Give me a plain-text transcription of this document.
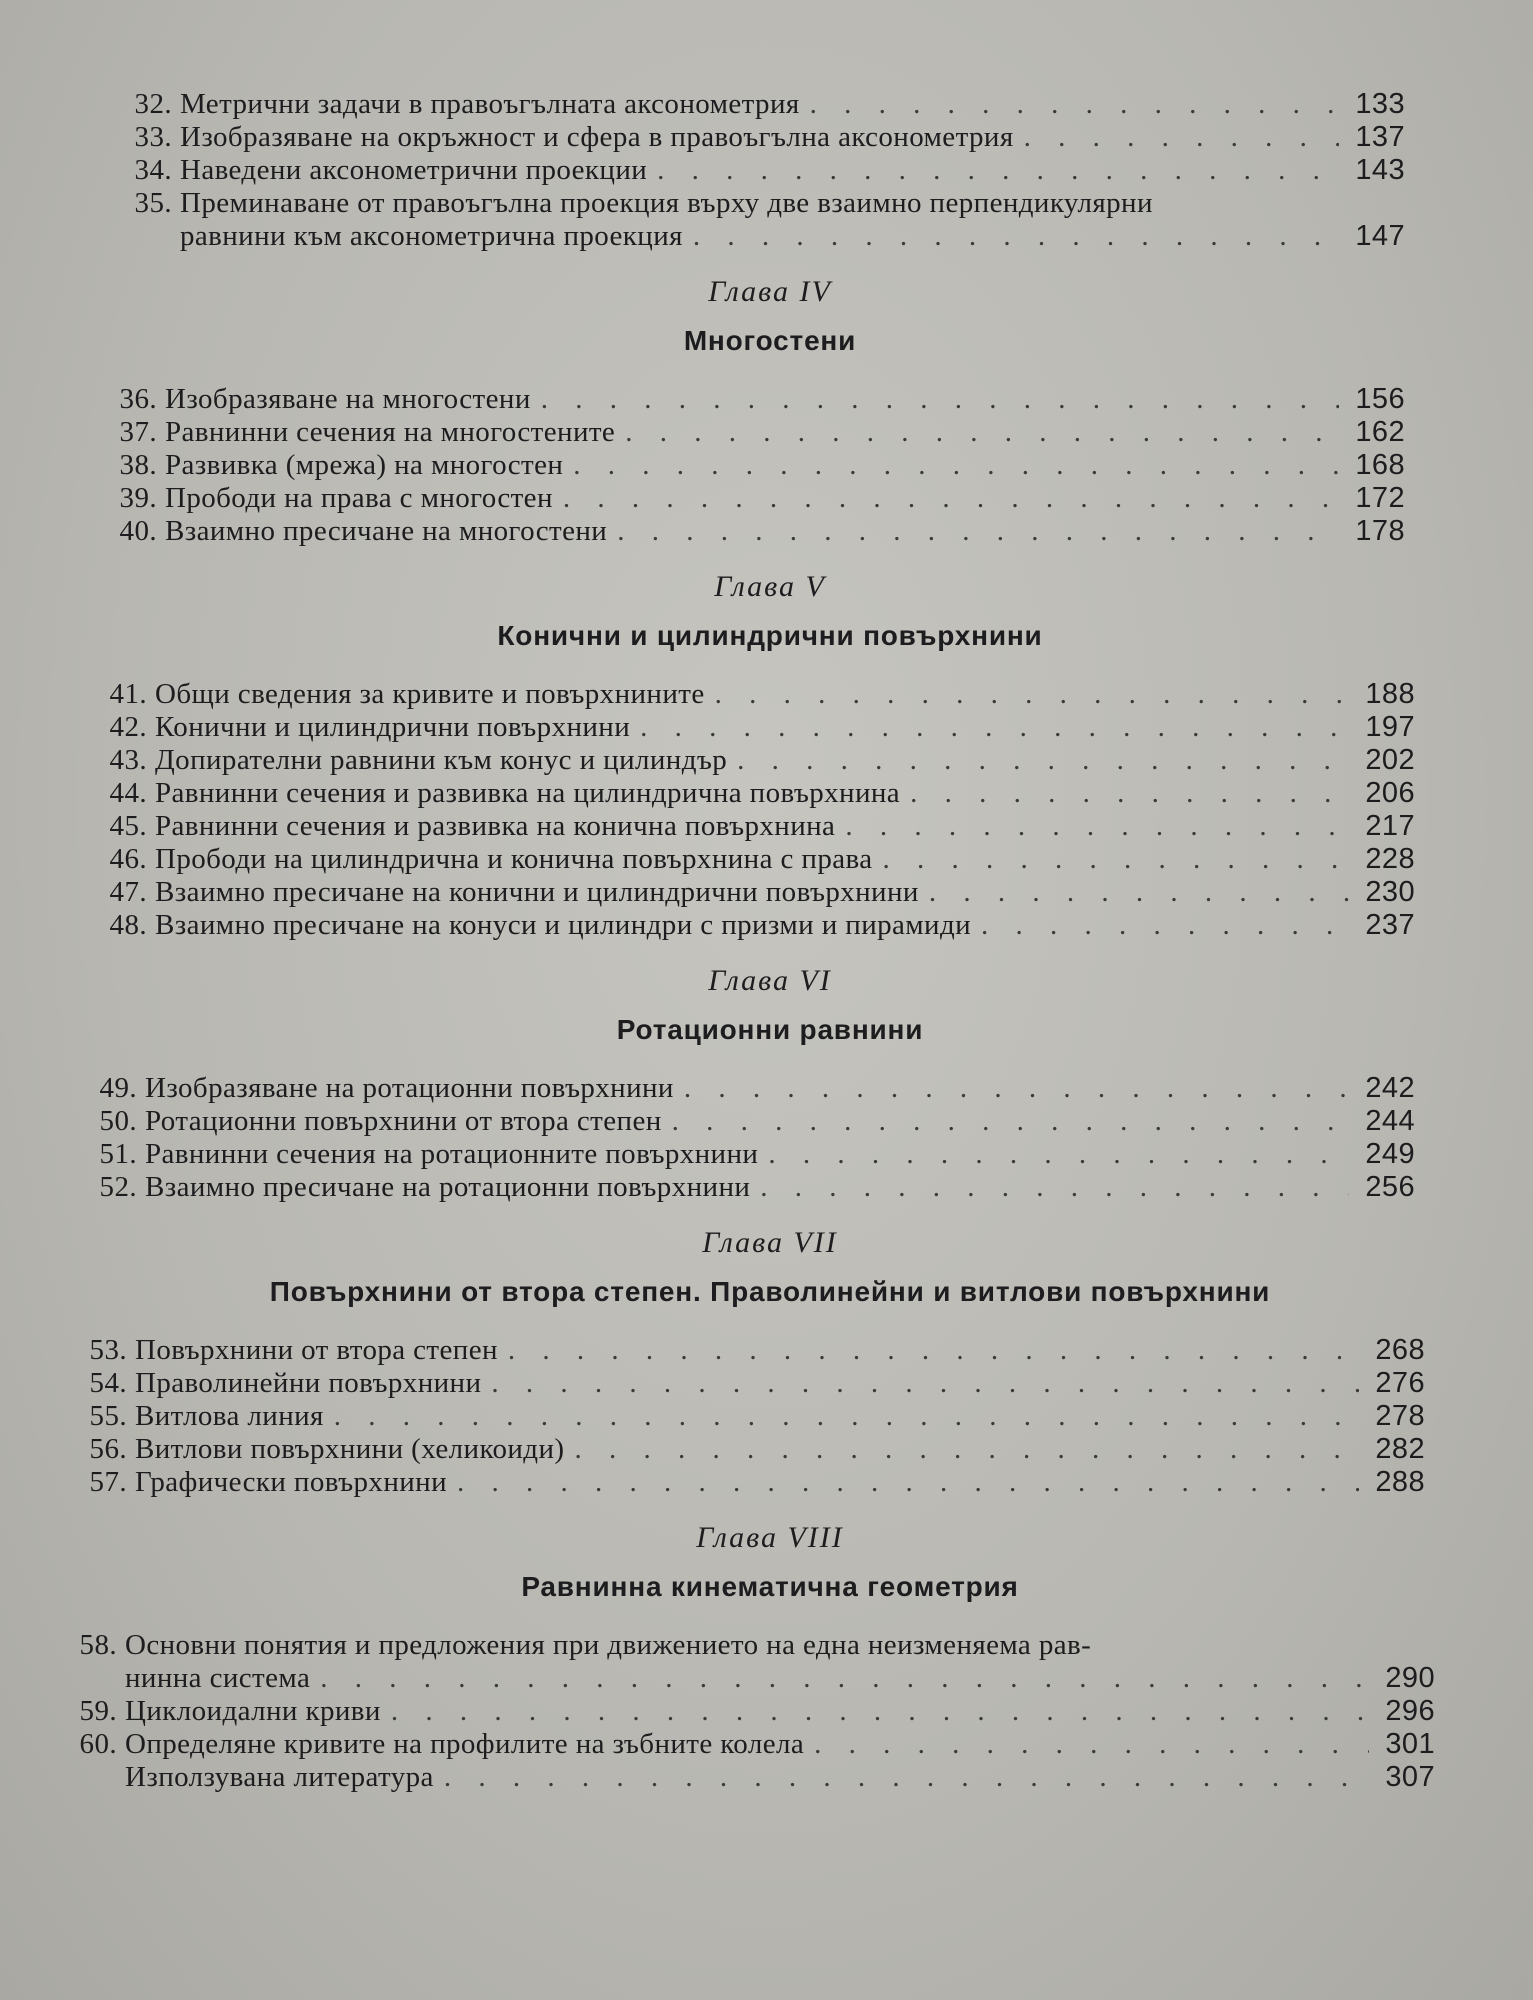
32. Метрични задачи в правоъгълната аксонометрия . . .	133
33. Изобразяване на окръжност и сфера в правоъгълна аксонометрия . . .	137
34. Наведени аксонометрични проекции . . .	143
35. Преминаване от правоъгълна проекция върху две взаимно перпендикулярни
равнини към аксонометрична проекция . . .	147
Глава IV
Многостени
36. Изобразяване на многостени . . .	156
37. Равнинни сечения на многостените . . .	162
38. Развивка (мрежа) на многостен . . .	168
39. Прободи на права с многостен . . .	172
40. Взаимно пресичане на многостени . . .	178
Глава V
Конични и цилиндрични повърхнини
41. Общи сведения за кривите и повърхнините . . .	188
42. Конични и цилиндрични повърхнини . . .	197
43. Допирателни равнини към конус и цилиндър . . .	202
44. Равнинни сечения и развивка на цилиндрична повърхнина . . .	206
45. Равнинни сечения и развивка на конична повърхнина . . .	217
46. Прободи на цилиндрична и конична повърхнина с права . . .	228
47. Взаимно пресичане на конични и цилиндрични повърхнини . . .	230
48. Взаимно пресичане на конуси и цилиндри с призми и пирамиди . . .	237
Глава VI
Ротационни равнини
49. Изобразяване на ротационни повърхнини . . .	242
50. Ротационни повърхнини от втора степен . . .	244
51. Равнинни сечения на ротационните повърхнини . . .	249
52. Взаимно пресичане на ротационни повърхнини . . .	256
Глава VII
Повърхнини от втора степен. Праволинейни и витлови повърхнини
53. Повърхнини от втора степен . . .	268
54. Праволинейни повърхнини . . .	276
55. Витлова линия . . .	278
56. Витлови повърхнини (хеликоиди) . . .	282
57. Графически повърхнини . . .	288
Глава VIII
Равнинна кинематична геометрия
58. Основни понятия и предложения при движението на една неизменяема рав-
нинна система . . .	290
59. Циклоидални криви . . .	296
60. Определяне кривите на профилите на зъбните колела . . .	301
Използувана литература . . .	307
